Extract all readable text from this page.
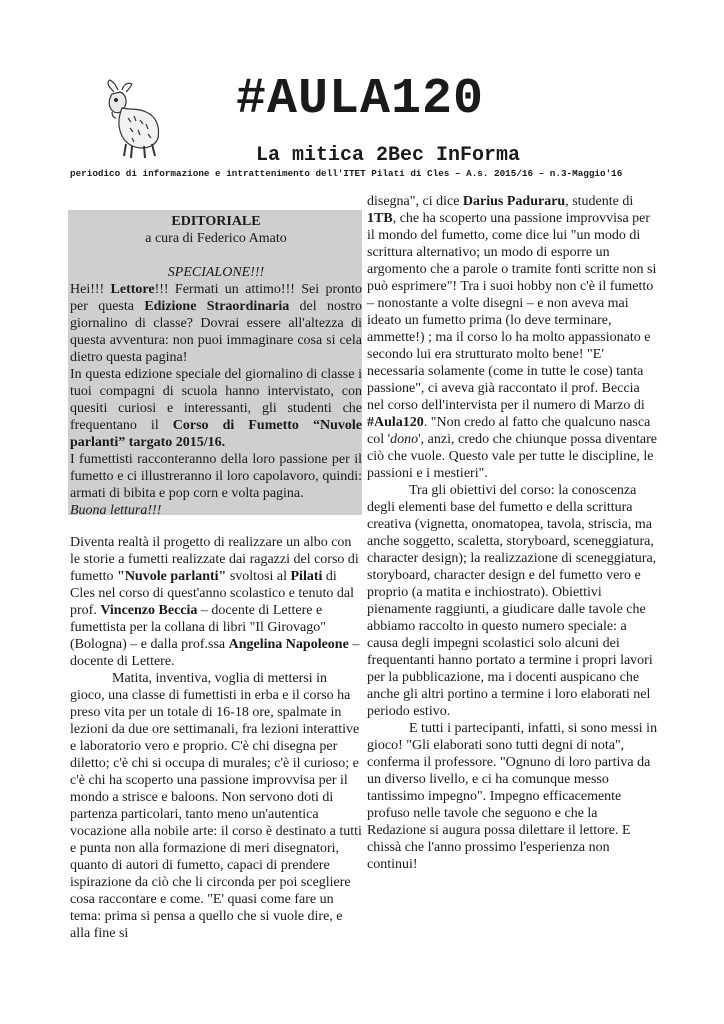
#AULA120
La mitica 2Bec InForma
periodico di informazione e intrattenimento dell'ITET Pilati di Cles – A.s. 2015/16 – n.3-Maggio'16

EDITORIALE

a cura di Federico Amato

SPECIALONE!!!

Hei!!! Lettore!!! Fermati un attimo!!! Sei pronto per questa Edizione Straordinaria del nostro giornalino di classe? Dovrai essere all'altezza di questa avventura: non puoi immaginare cosa si cela dietro questa pagina!

In questa edizione speciale del giornalino di classe i tuoi compagni di scuola hanno intervistato, con quesiti curiosi e interessanti, gli studenti che frequentano il Corso di Fumetto “Nuvole parlanti” targato 2015/16.

I fumettisti racconteranno della loro passione per il fumetto e ci illustreranno il loro capolavoro, quindi: armati di bibita e pop corn e volta pagina.

Buona lettura!!!

Diventa realtà il progetto di realizzare un albo con le storie a fumetti realizzate dai ragazzi del corso di fumetto "Nuvole parlanti" svoltosi al Pilati di Cles nel corso di quest'anno scolastico e tenuto dal prof. Vincenzo Beccia – docente di Lettere e fumettista per la collana di libri "Il Girovago" (Bologna) – e dalla prof.ssa Angelina Napoleone – docente di Lettere.

Matita, inventiva, voglia di mettersi in gioco, una classe di fumettisti in erba e il corso ha preso vita per un totale di 16-18 ore, spalmate in lezioni da due ore settimanali, fra lezioni interattive e laboratorio vero e proprio. C'è chi disegna per diletto; c'è chi si occupa di murales; c'è il curioso; e c'è chi ha scoperto una passione improvvisa per il mondo a strisce e baloons. Non servono doti di partenza particolari, tanto meno un'autentica vocazione alla nobile arte: il corso è destinato a tutti e punta non alla formazione di meri disegnatori, quanto di autori di fumetto, capaci di prendere ispirazione da ciò che li circonda per poi scegliere cosa raccontare e come. "E' quasi come fare un tema: prima si pensa a quello che si vuole dire, e alla fine si

disegna", ci dice Darius Paduraru, studente di 1TB, che ha scoperto una passione improvvisa per il mondo del fumetto, come dice lui "un modo di scrittura alternativo; un modo di esporre un argomento che a parole o tramite fonti scritte non si può esprimere"! Tra i suoi hobby non c'è il fumetto – nonostante a volte disegni – e non aveva mai ideato un fumetto prima (lo deve terminare, ammette!) ; ma il corso lo ha molto appassionato e secondo lui era strutturato molto bene! "E' necessaria solamente (come in tutte le cose) tanta passione", ci aveva già raccontato il prof. Beccia nel corso dell'intervista per il numero di Marzo di #Aula120. "Non credo al fatto che qualcuno nasca col 'dono', anzi, credo che chiunque possa diventare ciò che vuole. Questo vale per tutte le discipline, le passioni e i mestieri".

Tra gli obiettivi del corso: la conoscenza degli elementi base del fumetto e della scrittura creativa (vignetta, onomatopea, tavola, striscia, ma anche soggetto, scaletta, storyboard, sceneggiatura, character design); la realizzazione di sceneggiatura, storyboard, character design e del fumetto vero e proprio (a matita e inchiostrato). Obiettivi pienamente raggiunti, a giudicare dalle tavole che abbiamo raccolto in questo numero speciale: a causa degli impegni scolastici solo alcuni dei frequentanti hanno portato a termine i propri lavori per la pubblicazione, ma i docenti auspicano che anche gli altri portino a termine i loro elaborati nel periodo estivo.

E tutti i partecipanti, infatti, si sono messi in gioco! "Gli elaborati sono tutti degni di nota", conferma il professore. "Ognuno di loro partiva da un diverso livello, e ci ha comunque messo tantissimo impegno". Impegno efficacemente profuso nelle tavole che seguono e che la Redazione si augura possa dilettare il lettore. E chissà che l'anno prossimo l'esperienza non continui!
